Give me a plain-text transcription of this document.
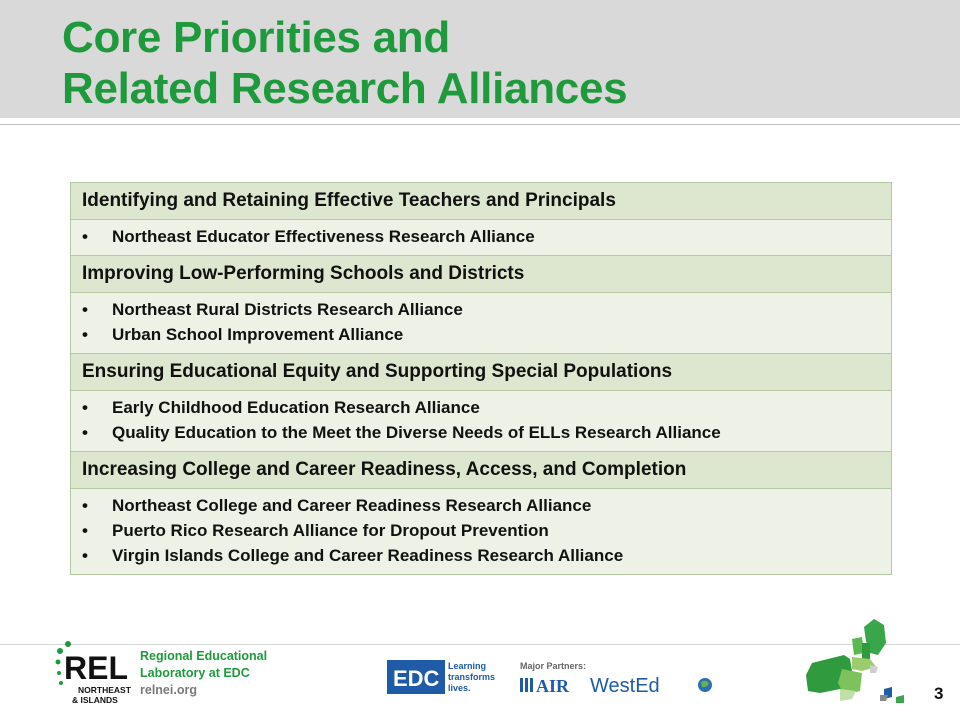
Core Priorities and
Related Research Alliances
Identifying and Retaining Effective Teachers and Principals

• Northeast Educator Effectiveness Research Alliance

Improving Low-Performing Schools and Districts

• Northeast Rural Districts Research Alliance
• Urban School Improvement Alliance

Ensuring Educational Equity and Supporting Special Populations

• Early Childhood Education Research Alliance
• Quality Education to the Meet the Diverse Needs of ELLs Research Alliance

Increasing College and Career Readiness, Access, and Completion

• Northeast College and Career Readiness Research Alliance
• Puerto Rico Research Alliance for Dropout Prevention
• Virgin Islands College and Career Readiness Research Alliance
REL
NORTHEAST
& ISLANDS
Regional Educational
Laboratory at EDC
relnei.org	EDC Learning
transforms
lives.
Major Partners:
AIR WestEd	3
